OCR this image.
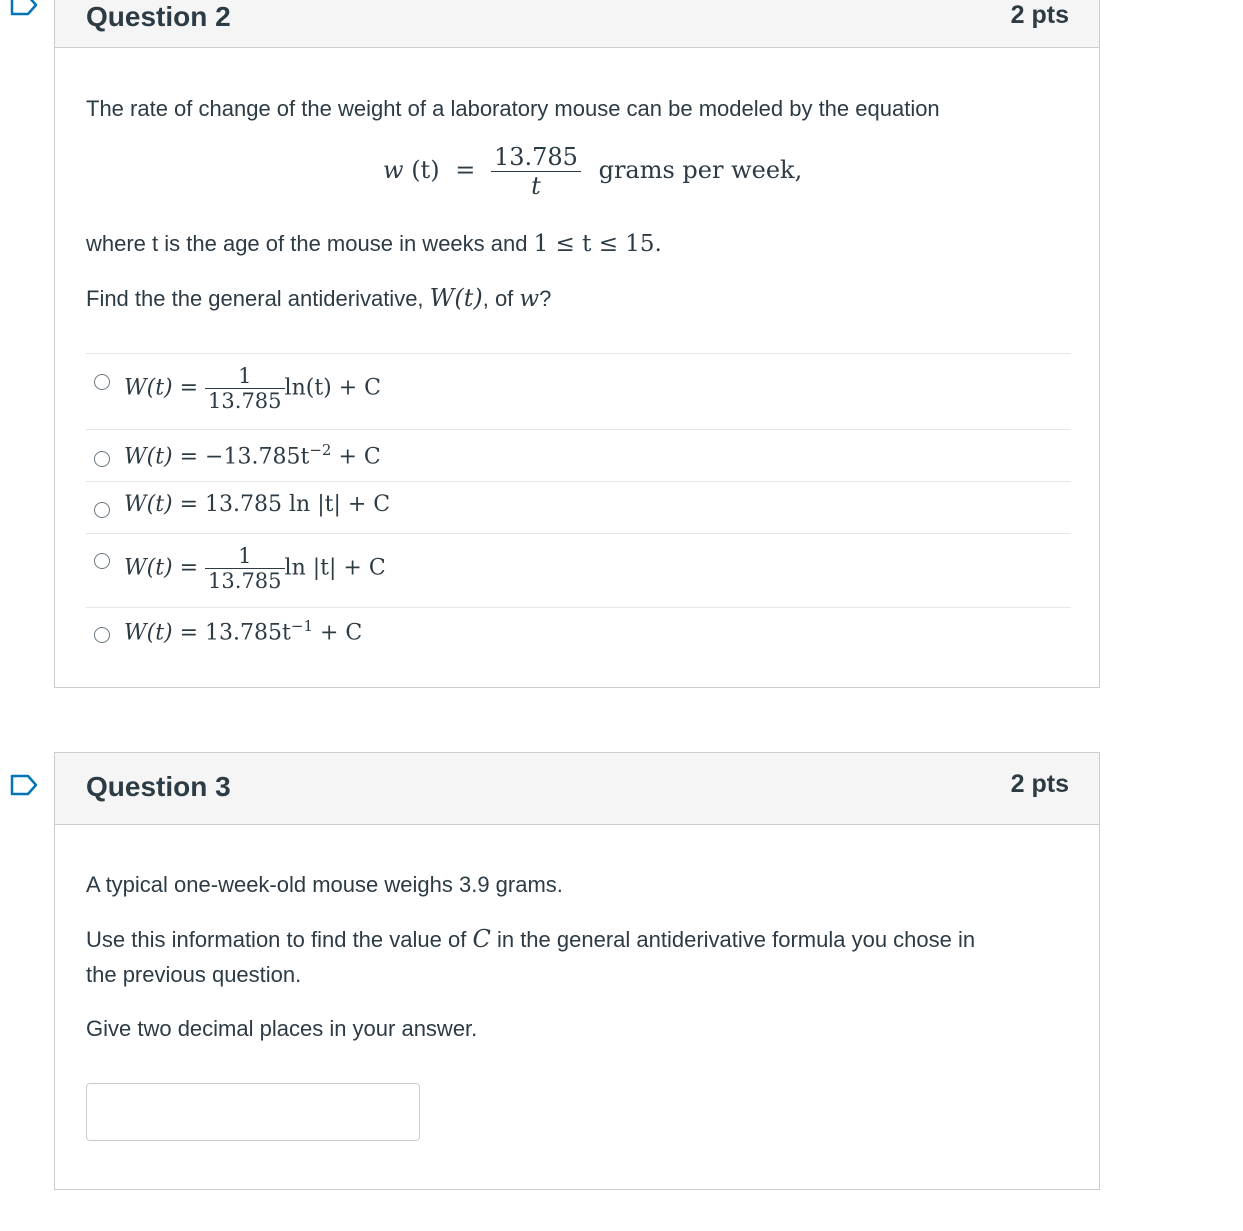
Question 2	2 pts
The rate of change of the weight of a laboratory mouse can be modeled by the equation
w $(t) = \frac{13.785}{t}$ grams per week,
where t is the age of the mouse in weeks and 1 ≤ t ≤ 15.
Find the the general antiderivative, W(t), of w?
$W(t) = \frac{1}{13.785} \ln(t) + C$
$W(t) = -13.785t^{-2} + C$
W(t) = 13.785 ln |t| + C
$W(t) = \frac{1}{13.785}$ ln |t| + C
$W(t) = 13.785t^{-1} + C$
Question 3	2 pts
A typical one-week-old mouse weighs 3.9 grams.
Use this information to find the value of C in the general antiderivative formula you chose in
the previous question.
Give two decimal places in your answer.
